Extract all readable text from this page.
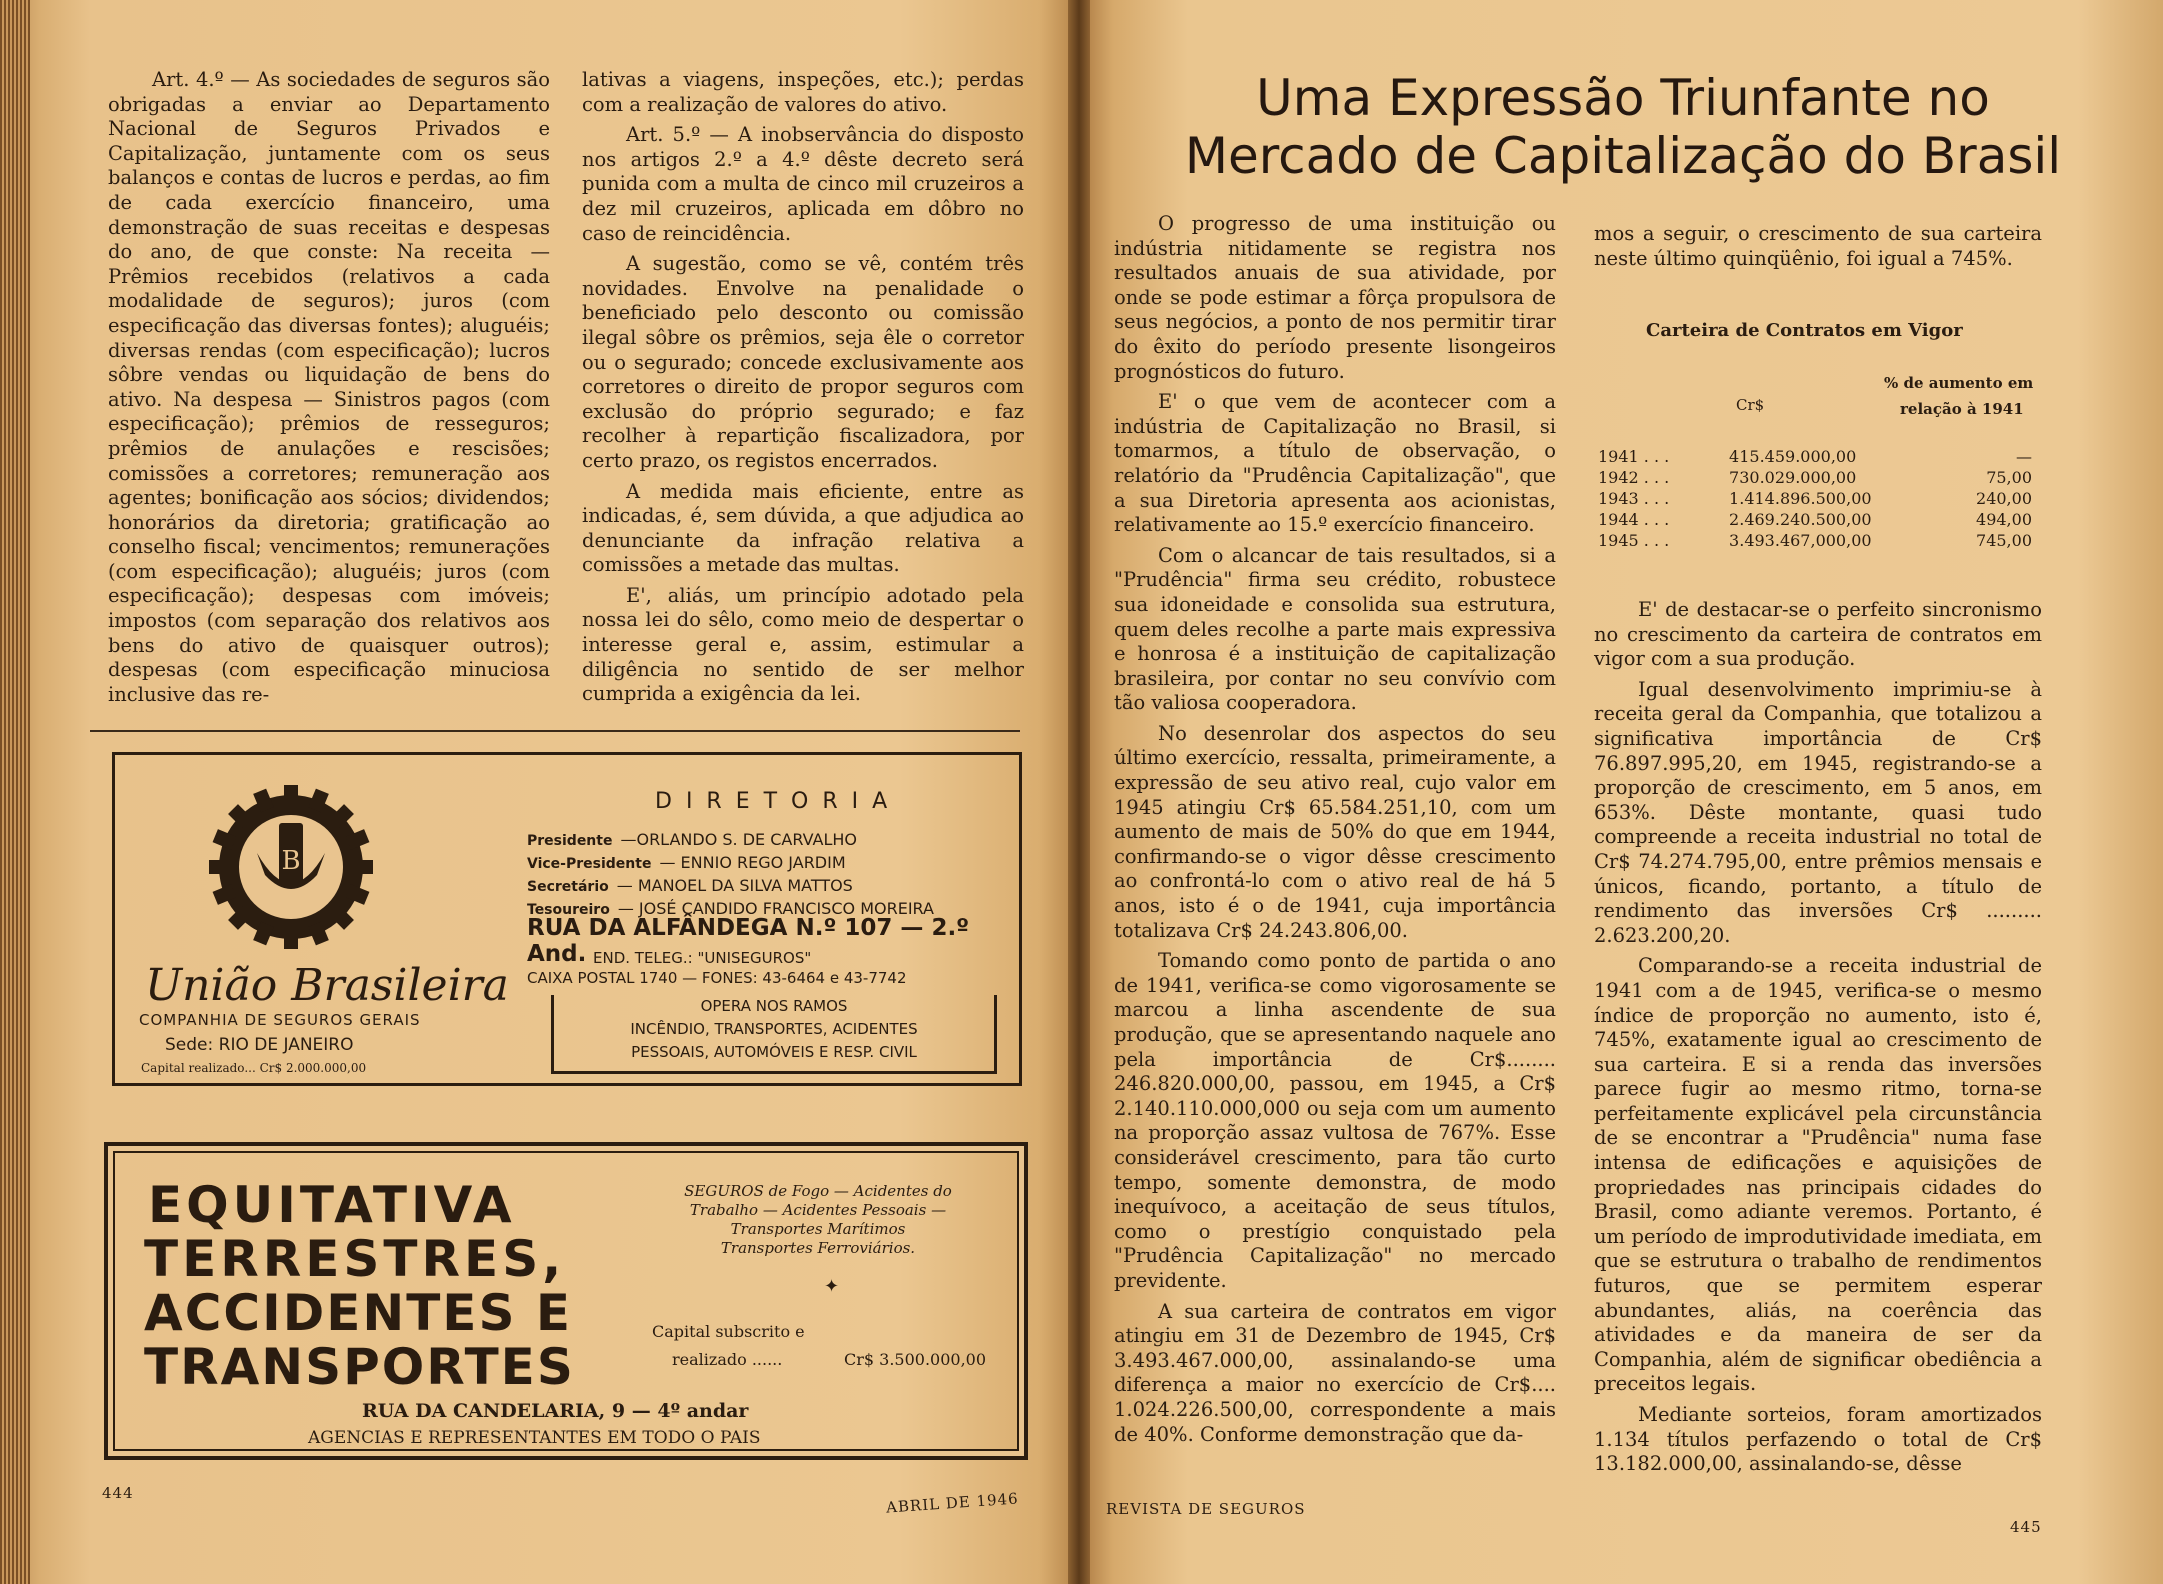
Art. 4.º — As sociedades de seguros são obrigadas a enviar ao Departamento Nacional de Seguros Privados e Capitalização, juntamente com os seus balanços e contas de lucros e perdas, ao fim de cada exercício financeiro, uma demonstração de suas receitas e despesas do ano, de que conste: Na receita — Prêmios recebidos (relativos a cada modalidade de seguros); juros (com especificação das diversas fontes); aluguéis; diversas rendas (com especificação); lucros sôbre vendas ou liquidação de bens do ativo. Na despesa — Sinistros pagos (com especificação); prêmios de resseguros; prêmios de anulações e rescisões; comissões a corretores; remuneração aos agentes; bonificação aos sócios; dividendos; honorários da diretoria; gratificação ao conselho fiscal; vencimentos; remunerações (com especificação); aluguéis; juros (com especificação); despesas com imóveis; impostos (com separação dos relativos aos bens do ativo de quaisquer outros); despesas (com especificação minuciosa inclusive das re-

lativas a viagens, inspeções, etc.); perdas com a realização de valores do ativo.

Art. 5.º — A inobservância do disposto nos artigos 2.º a 4.º dêste decreto será punida com a multa de cinco mil cruzeiros a dez mil cruzeiros, aplicada em dôbro no caso de reincidência.

A sugestão, como se vê, contém três novidades. Envolve na penalidade o beneficiado pelo desconto ou comissão ilegal sôbre os prêmios, seja êle o corretor ou o segurado; concede exclusivamente aos corretores o direito de propor seguros com exclusão do próprio segurado; e faz recolher à repartição fiscalizadora, por certo prazo, os registos encerrados.

A medida mais eficiente, entre as indicadas, é, sem dúvida, a que adjudica ao denunciante da infração relativa a comissões a metade das multas.

E', aliás, um princípio adotado pela nossa lei do sêlo, como meio de despertar o interesse geral e, assim, estimular a diligência no sentido de ser melhor cumprida a exigência da lei.

B
União Brasileira
COMPANHIA DE SEGUROS GERAIS
Sede: RIO DE JANEIRO
Capital realizado... Cr$ 2.000.000,00
DIRETORIA
Presidente —ORLANDO S. DE CARVALHO
Vice-Presidente — ENNIO REGO JARDIM
Secretário — MANOEL DA SILVA MATTOS
Tesoureiro — JOSÉ CANDIDO FRANCISCO MOREIRA
RUA DA ALFÂNDEGA N.º 107 — 2.º And. END. TELEG.: "UNISEGUROS"
CAIXA POSTAL 1740 — FONES: 43-6464 e 43-7742
OPERA NOS RAMOS
INCÊNDIO, TRANSPORTES, ACIDENTES
PESSOAIS, AUTOMÓVEIS E RESP. CIVIL
EQUITATIVA
TERRESTRES,
ACCIDENTES E
TRANSPORTES
SEGUROS de Fogo — Acidentes do
Trabalho — Acidentes Pessoais —
Transportes Marítimos
Transportes Ferroviários.
✦
Capital subscrito e
realizado ......	Cr$ 3.500.000,00
RUA DA CANDELARIA, 9 — 4º andar
AGENCIAS E REPRESENTANTES EM TODO O PAIS
444	ABRIL DE 1946
Uma Expressão Triunfante no
Mercado de Capitalização do Brasil

O progresso de uma instituição ou indústria nitidamente se registra nos resultados anuais de sua atividade, por onde se pode estimar a fôrça propulsora de seus negócios, a ponto de nos permitir tirar do êxito do período presente lisongeiros prognósticos do futuro.

E' o que vem de acontecer com a indústria de Capitalização no Brasil, si tomarmos, a título de observação, o relatório da "Prudência Capitalização", que a sua Diretoria apresenta aos acionistas, relativamente ao 15.º exercício financeiro.

Com o alcancar de tais resultados, si a "Prudência" firma seu crédito, robustece sua idoneidade e consolida sua estrutura, quem deles recolhe a parte mais expressiva e honrosa é a instituição de capitalização brasileira, por contar no seu convívio com tão valiosa cooperadora.

No desenrolar dos aspectos do seu último exercício, ressalta, primeiramente, a expressão de seu ativo real, cujo valor em 1945 atingiu Cr$ 65.584.251,10, com um aumento de mais de 50% do que em 1944, confirmando-se o vigor dêsse crescimento ao confrontá-lo com o ativo real de há 5 anos, isto é o de 1941, cuja importância totalizava Cr$ 24.243.806,00.

Tomando como ponto de partida o ano de 1941, verifica-se como vigorosamente se marcou a linha ascendente de sua produção, que se apresentando naquele ano pela importância de Cr$........ 246.820.000,00, passou, em 1945, a Cr$ 2.140.110.000,000 ou seja com um aumento na proporção assaz vultosa de 767%. Esse considerável crescimento, para tão curto tempo, somente demonstra, de modo inequívoco, a aceitação de seus títulos, como o prestígio conquistado pela "Prudência Capitalização" no mercado previdente.

A sua carteira de contratos em vigor atingiu em 31 de Dezembro de 1945, Cr$ 3.493.467.000,00, assinalando-se uma diferença a maior no exercício de Cr$.... 1.024.226.500,00, correspondente a mais de 40%. Conforme demonstração que da-

mos a seguir, o crescimento de sua carteira neste último quinqüênio, foi igual a 745%.

Carteira de Contratos em Vigor
Cr$
% de aumento em
relação à 1941
1941 . . .	415.459.000,00	—
1942 . . .	730.029.000,00	75,00
1943 . . .	1.414.896.500,00	240,00
1944 . . .	2.469.240.500,00	494,00
1945 . . .	3.493.467,000,00	745,00

E' de destacar-se o perfeito sincronismo no crescimento da carteira de contratos em vigor com a sua produção.

Igual desenvolvimento imprimiu-se à receita geral da Companhia, que totalizou a significativa importância de Cr$ 76.897.995,20, em 1945, registrando-se a proporção de crescimento, em 5 anos, em 653%. Dêste montante, quasi tudo compreende a receita industrial no total de Cr$ 74.274.795,00, entre prêmios mensais e únicos, ficando, portanto, a título de rendimento das inversões Cr$ ......... 2.623.200,20.

Comparando-se a receita industrial de 1941 com a de 1945, verifica-se o mesmo índice de proporção no aumento, isto é, 745%, exatamente igual ao crescimento de sua carteira. E si a renda das inversões parece fugir ao mesmo ritmo, torna-se perfeitamente explicável pela circunstância de se encontrar a "Prudência" numa fase intensa de edificações e aquisições de propriedades nas principais cidades do Brasil, como adiante veremos. Portanto, é um período de improdutividade imediata, em que se estrutura o trabalho de rendimentos futuros, que se permitem esperar abundantes, aliás, na coerência das atividades e da maneira de ser da Companhia, além de significar obediência a preceitos legais.

Mediante sorteios, foram amortizados 1.134 títulos perfazendo o total de Cr$ 13.182.000,00, assinalando-se, dêsse

REVISTA DE SEGUROS
445
